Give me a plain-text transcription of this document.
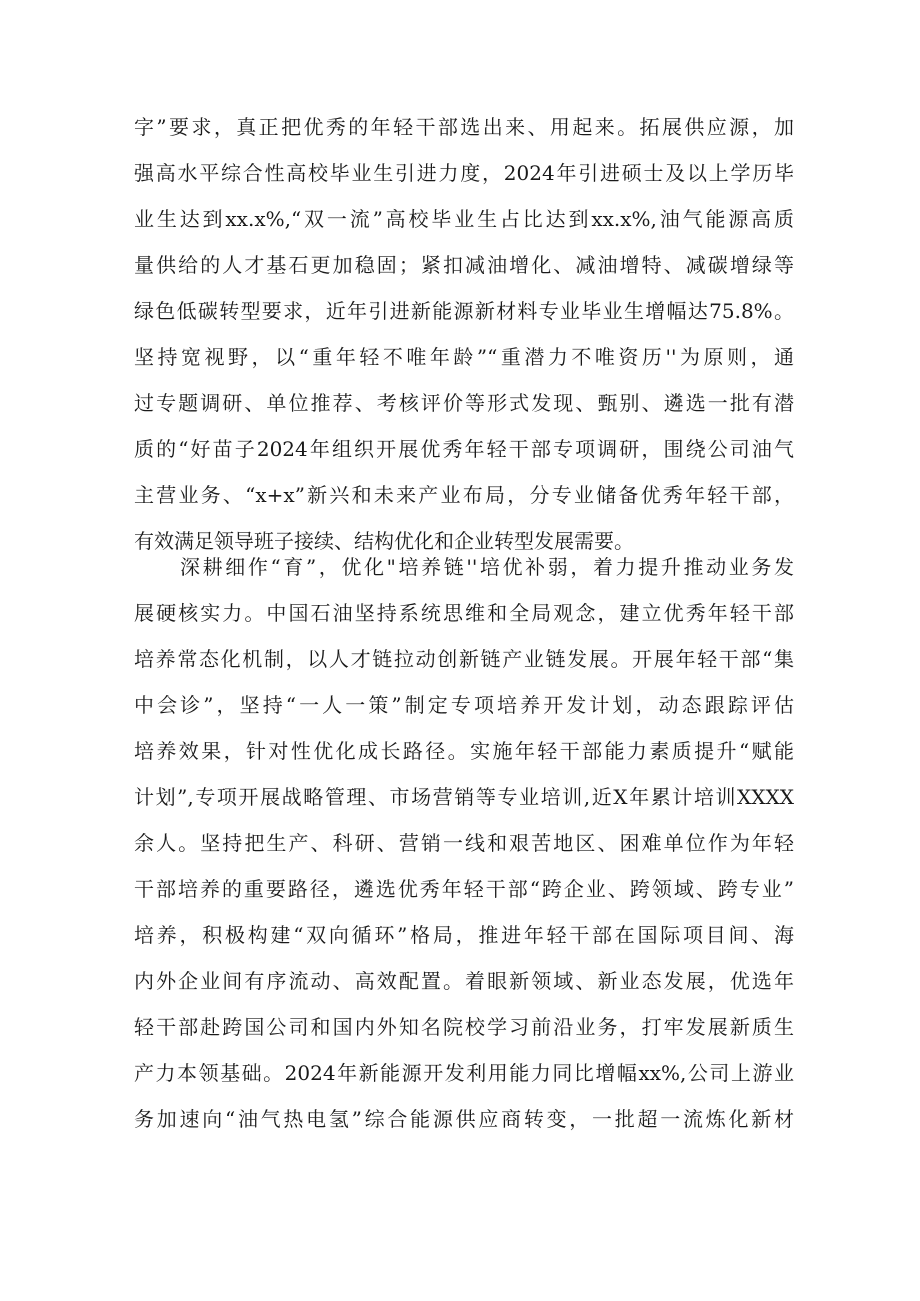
字”要求，真正把优秀的年轻干部选出来、用起来。拓展供应源，加
强高水平综合性高校毕业生引进力度，2024年引进硕士及以上学历毕
业生达到xx.x%,“双一流”高校毕业生占比达到xx.x%,油气能源高质
量供给的人才基石更加稳固；紧扣减油增化、减油增特、减碳增绿等
绿色低碳转型要求，近年引进新能源新材料专业毕业生增幅达75.8%。
坚持宽视野，以“重年轻不唯年龄”“重潜力不唯资历''为原则，通
过专题调研、单位推荐、考核评价等形式发现、甄别、遴选一批有潜
质的“好苗子2024年组织开展优秀年轻干部专项调研，围绕公司油气
主营业务、“x+x”新兴和未来产业布局，分专业储备优秀年轻干部，
有效满足领导班子接续、结构优化和企业转型发展需要。
深耕细作“育”，优化"培养链''培优补弱，着力提升推动业务发
展硬核实力。中国石油坚持系统思维和全局观念，建立优秀年轻干部
培养常态化机制，以人才链拉动创新链产业链发展。开展年轻干部“集
中会诊”，坚持“一人一策”制定专项培养开发计划，动态跟踪评估
培养效果，针对性优化成长路径。实施年轻干部能力素质提升“赋能
计划”,专项开展战略管理、市场营销等专业培训,近X年累计培训XXXX
余人。坚持把生产、科研、营销一线和艰苦地区、困难单位作为年轻
干部培养的重要路径，遴选优秀年轻干部“跨企业、跨领域、跨专业”
培养，积极构建“双向循环”格局，推进年轻干部在国际项目间、海
内外企业间有序流动、高效配置。着眼新领域、新业态发展，优选年
轻干部赴跨国公司和国内外知名院校学习前沿业务，打牢发展新质生
产力本领基础。2024年新能源开发利用能力同比增幅xx%,公司上游业
务加速向“油气热电氢”综合能源供应商转变，一批超一流炼化新材
